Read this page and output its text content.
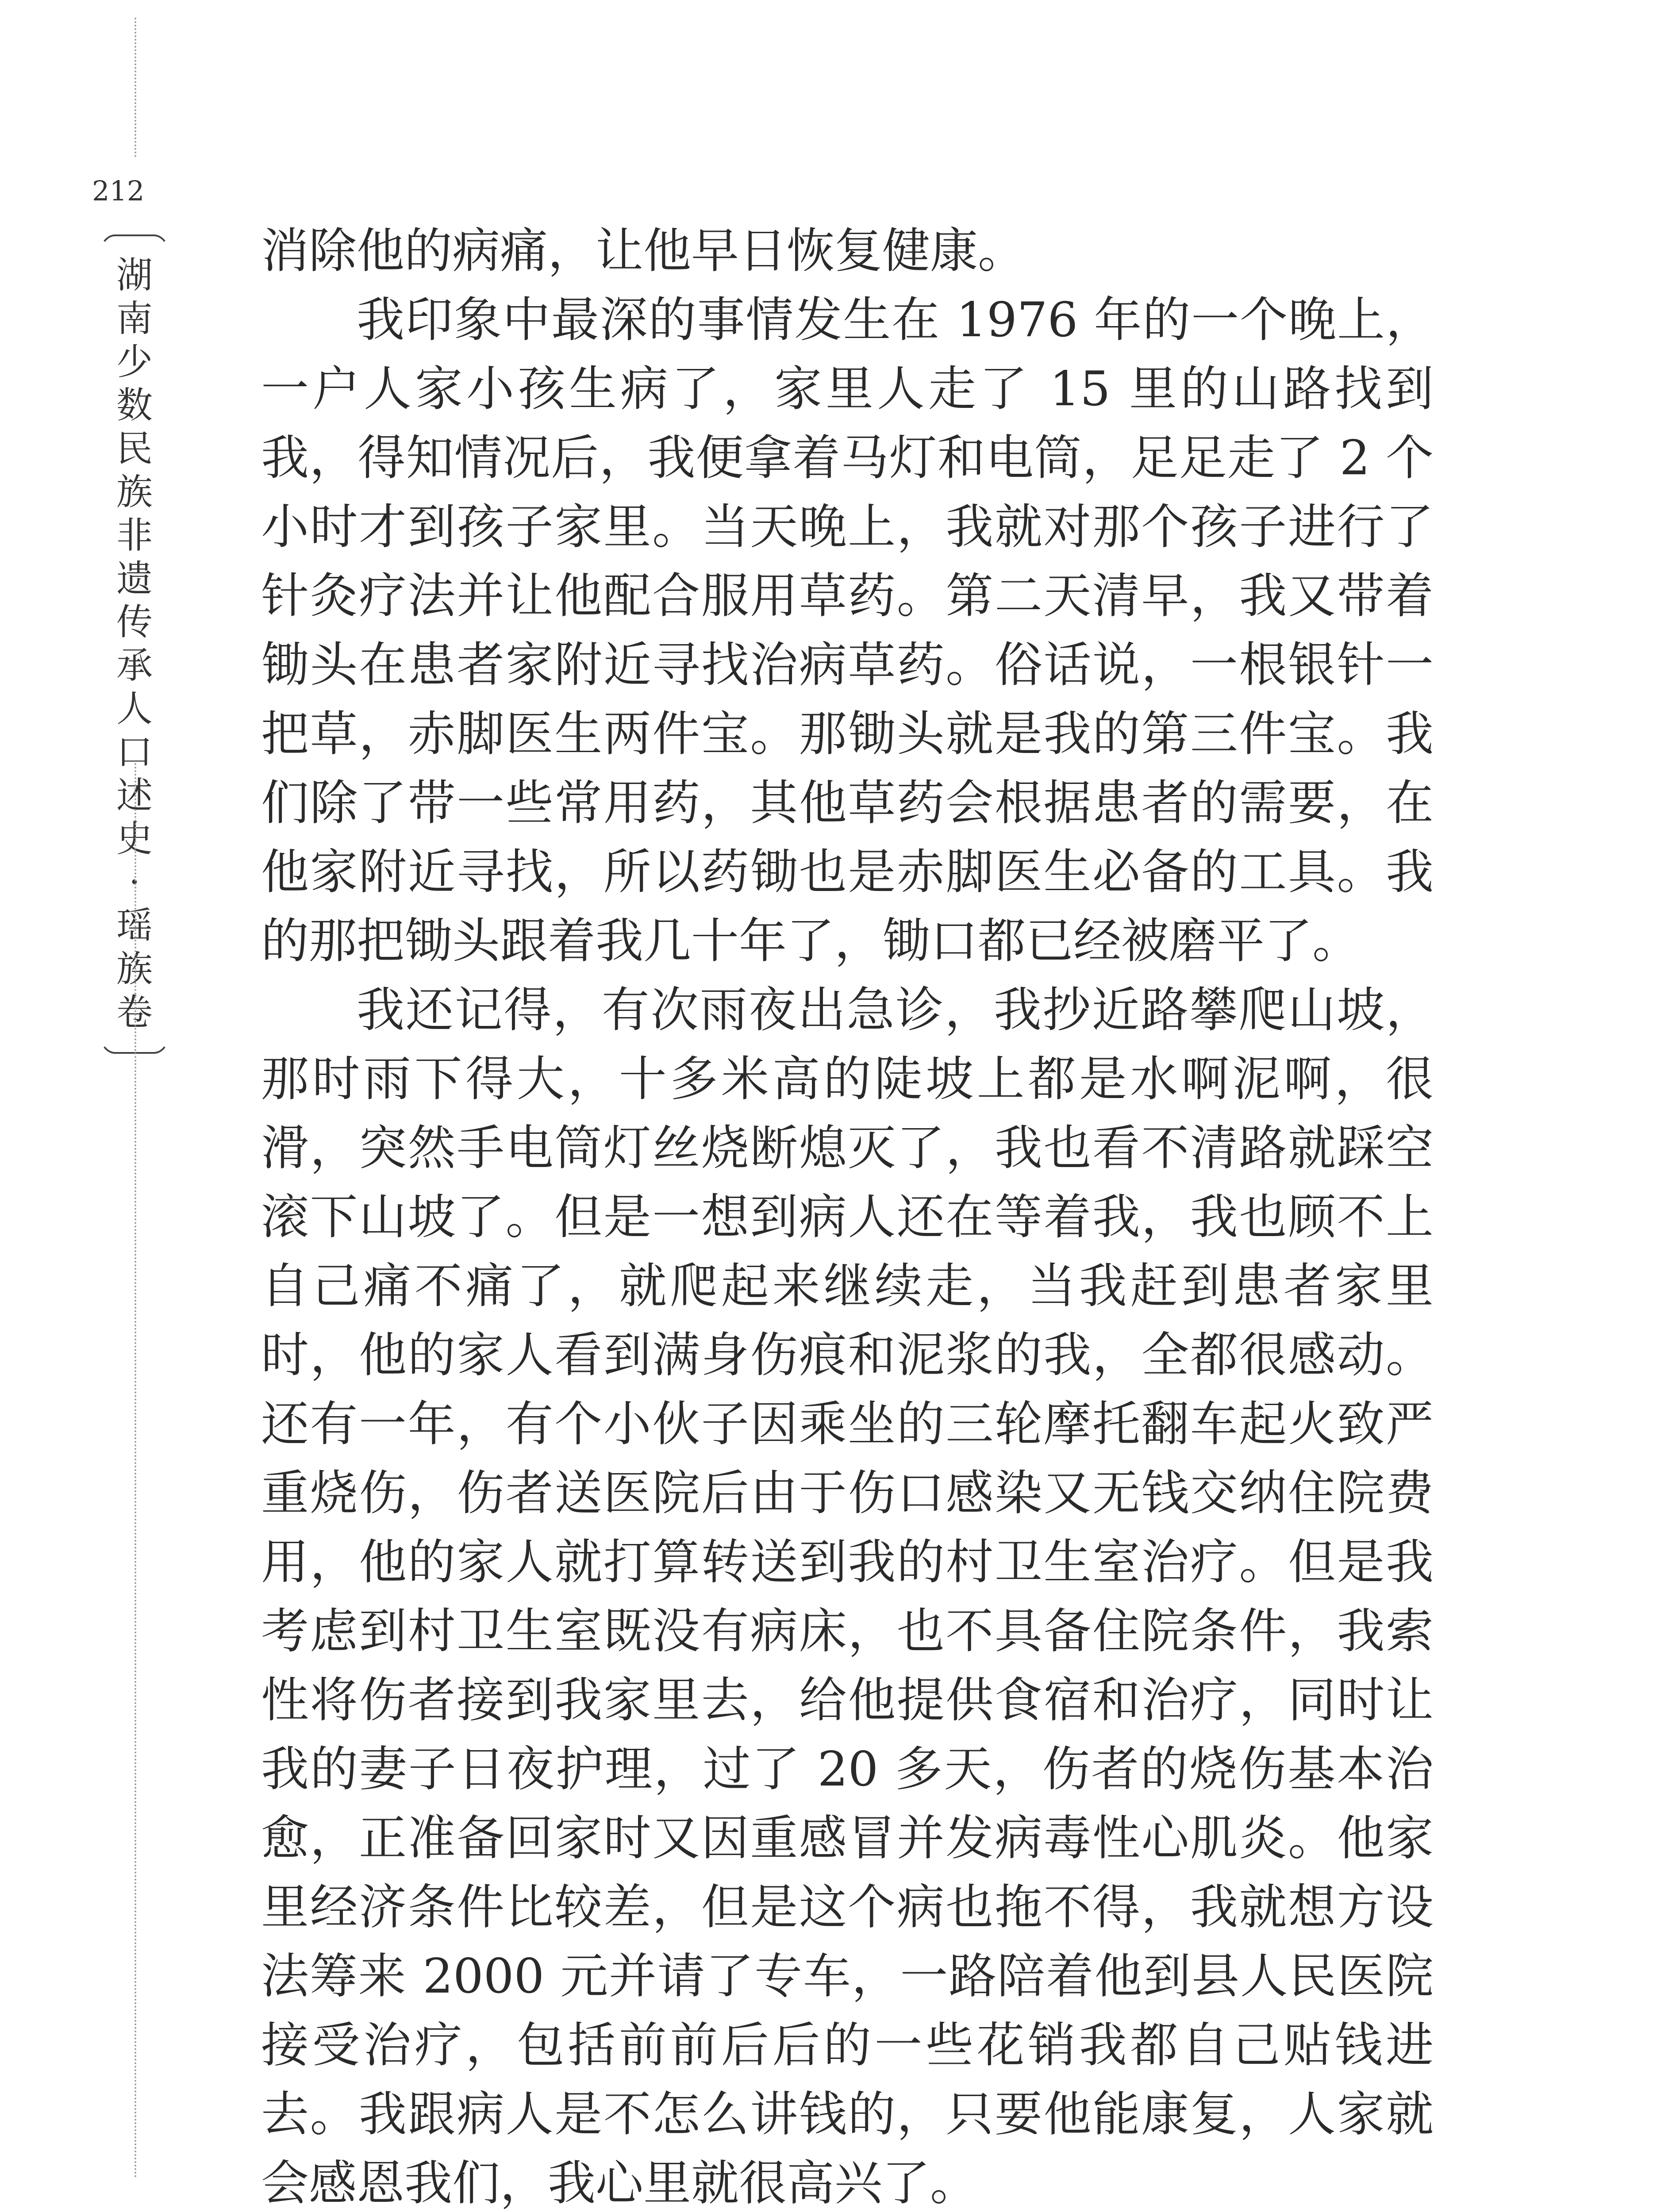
212
湖
南
少
数
民
族
非
遗
传
承
人
口
述
史
·
瑶
族
卷

消除他的病痛，让他早日恢复健康。

我印象中最深的事情发生在 1976 年的一个晚上，一户人家小孩生病了，家里人走了 15 里的山路找到我，得知情况后，我便拿着马灯和电筒，足足走了 2 个小时才到孩子家里。当天晚上，我就对那个孩子进行了针灸疗法并让他配合服用草药。第二天清早，我又带着锄头在患者家附近寻找治病草药。俗话说，一根银针一把草，赤脚医生两件宝。那锄头就是我的第三件宝。我们除了带一些常用药，其他草药会根据患者的需要，在他家附近寻找，所以药锄也是赤脚医生必备的工具。我的那把锄头跟着我几十年了，锄口都已经被磨平了。

我还记得，有次雨夜出急诊，我抄近路攀爬山坡，那时雨下得大，十多米高的陡坡上都是水啊泥啊，很滑，突然手电筒灯丝烧断熄灭了，我也看不清路就踩空滚下山坡了。但是一想到病人还在等着我，我也顾不上自己痛不痛了，就爬起来继续走，当我赶到患者家里时，他的家人看到满身伤痕和泥浆的我，全都很感动。还有一年，有个小伙子因乘坐的三轮摩托翻车起火致严重烧伤，伤者送医院后由于伤口感染又无钱交纳住院费用，他的家人就打算转送到我的村卫生室治疗。但是我考虑到村卫生室既没有病床，也不具备住院条件，我索性将伤者接到我家里去，给他提供食宿和治疗，同时让我的妻子日夜护理，过了 20 多天，伤者的烧伤基本治愈，正准备回家时又因重感冒并发病毒性心肌炎。他家里经济条件比较差，但是这个病也拖不得，我就想方设法筹来 2000 元并请了专车，一路陪着他到县人民医院接受治疗，包括前前后后的一些花销我都自己贴钱进去。我跟病人是不怎么讲钱的，只要他能康复，人家就会感恩我们，我心里就很高兴了。
